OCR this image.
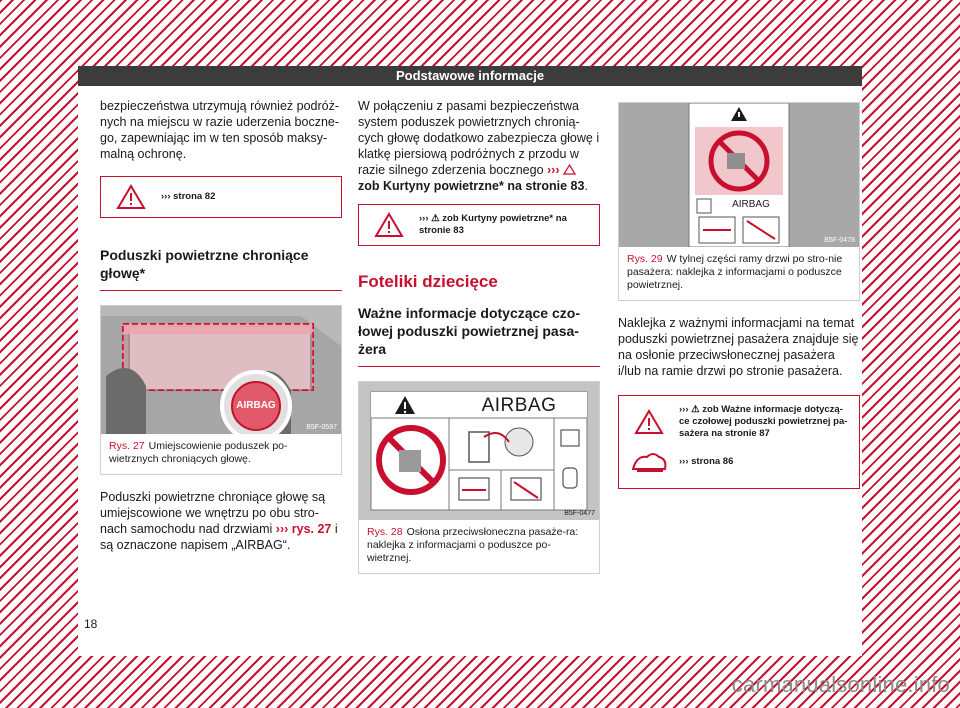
Podstawowe informacje

bezpieczeństwa utrzymują również podróż-nych na miejscu w razie uderzenia boczne-go, zapewniając im w ten sposób maksy-malną ochronę.

››› strona 82
Poduszki powietrzne chroniące głowę*
AIRBAG
B5F-0597
Rys. 27 Umiejscowienie poduszek po-wietrznych chroniących głowę.

Poduszki powietrzne chroniące głowę są umiejscowione we wnętrzu po obu stro-nach samochodu nad drzwiami ››› rys. 27 i są oznaczone napisem „AIRBAG“.

W połączeniu z pasami bezpieczeństwa system poduszek powietrznych chronią-cych głowę dodatkowo zabezpiecza głowę i klatkę piersiową podróżnych z przodu w razie silnego zderzenia bocznego ›››  zob Kurtyny powietrzne* na stronie 83.

››› ⚠ zob Kurtyny powietrzne* na stronie 83
Foteliki dziecięce
Ważne informacje dotyczące czo-łowej poduszki powietrznej pasa-żera
AIRBAG
B5F-0477
Rys. 28 Osłona przeciwsłoneczna pasaże-ra: naklejka z informacjami o poduszce po-wietrznej.
AIRBAG
B5F-0478
Rys. 29 W tylnej części ramy drzwi po stro-nie pasażera: naklejka z informacjami o poduszce powietrznej.

Naklejka z ważnymi informacjami na temat poduszki powietrznej pasażera znajduje się na osłonie przeciwsłonecznej pasażera i/lub na ramie drzwi po stronie pasażera.

››› ⚠ zob Ważne informacje dotyczą-ce czołowej poduszki powietrznej pa-sażera na stronie 87
››› strona 86
18
carmanualsonline.info
